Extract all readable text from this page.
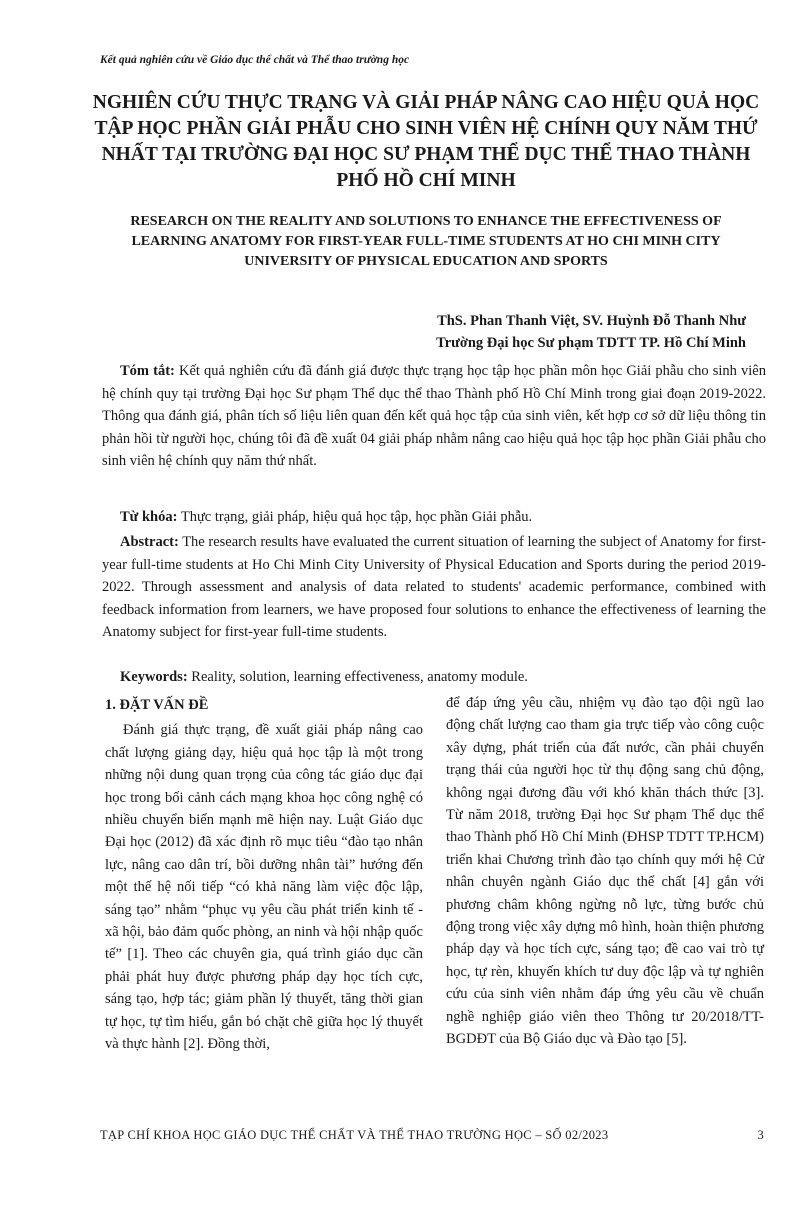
Kết quả nghiên cứu về Giáo dục thể chất và Thể thao trường học
NGHIÊN CỨU THỰC TRẠNG VÀ GIẢI PHÁP NÂNG CAO HIỆU QUẢ HỌC TẬP HỌC PHẦN GIẢI PHẪU CHO SINH VIÊN HỆ CHÍNH QUY NĂM THỨ NHẤT TẠI TRƯỜNG ĐẠI HỌC SƯ PHẠM THỂ DỤC THỂ THAO THÀNH PHỐ HỒ CHÍ MINH
RESEARCH ON THE REALITY AND SOLUTIONS TO ENHANCE THE EFFECTIVENESS OF LEARNING ANATOMY FOR FIRST-YEAR FULL-TIME STUDENTS AT HO CHI MINH CITY UNIVERSITY OF PHYSICAL EDUCATION AND SPORTS
ThS. Phan Thanh Việt, SV. Huỳnh Đỗ Thanh Như
Trường Đại học Sư phạm TDTT TP. Hồ Chí Minh
Tóm tắt: Kết quả nghiên cứu đã đánh giá được thực trạng học tập học phần môn học Giải phẫu cho sinh viên hệ chính quy tại trường Đại học Sư phạm Thể dục thể thao Thành phố Hồ Chí Minh trong giai đoạn 2019-2022. Thông qua đánh giá, phân tích số liệu liên quan đến kết quả học tập của sinh viên, kết hợp cơ sở dữ liệu thông tin phản hồi từ người học, chúng tôi đã đề xuất 04 giải pháp nhằm nâng cao hiệu quả học tập học phần Giải phẫu cho sinh viên hệ chính quy năm thứ nhất.
Từ khóa: Thực trạng, giải pháp, hiệu quả học tập, học phần Giải phẫu.
Abstract: The research results have evaluated the current situation of learning the subject of Anatomy for first-year full-time students at Ho Chi Minh City University of Physical Education and Sports during the period 2019-2022. Through assessment and analysis of data related to students' academic performance, combined with feedback information from learners, we have proposed four solutions to enhance the effectiveness of learning the Anatomy subject for first-year full-time students.
Keywords: Reality, solution, learning effectiveness, anatomy module.
1. ĐẶT VẤN ĐỀ

Đánh giá thực trạng, đề xuất giải pháp nâng cao chất lượng giảng dạy, hiệu quả học tập là một trong những nội dung quan trọng của công tác giáo dục đại học trong bối cảnh cách mạng khoa học công nghệ có nhiều chuyển biến mạnh mẽ hiện nay. Luật Giáo dục Đại học (2012) đã xác định rõ mục tiêu “đào tạo nhân lực, nâng cao dân trí, bồi dưỡng nhân tài” hướng đến một thế hệ nối tiếp “có khả năng làm việc độc lập, sáng tạo” nhằm “phục vụ yêu cầu phát triển kinh tế - xã hội, bảo đảm quốc phòng, an ninh và hội nhập quốc tế” [1]. Theo các chuyên gia, quá trình giáo dục cần phải phát huy được phương pháp dạy học tích cực, sáng tạo, hợp tác; giảm phần lý thuyết, tăng thời gian tự học, tự tìm hiểu, gắn bó chặt chẽ giữa học lý thuyết và thực hành [2]. Đồng thời,

để đáp ứng yêu cầu, nhiệm vụ đào tạo đội ngũ lao động chất lượng cao tham gia trực tiếp vào công cuộc xây dựng, phát triển của đất nước, cần phải chuyển trạng thái của người học từ thụ động sang chủ động, không ngại đương đầu với khó khăn thách thức [3]. Từ năm 2018, trường Đại học Sư phạm Thể dục thể thao Thành phố Hồ Chí Minh (ĐHSP TDTT TP.HCM) triển khai Chương trình đào tạo chính quy mới hệ Cử nhân chuyên ngành Giáo dục thể chất [4] gắn với phương châm không ngừng nỗ lực, từng bước chủ động trong việc xây dựng mô hình, hoàn thiện phương pháp dạy và học tích cực, sáng tạo; đề cao vai trò tự học, tự rèn, khuyến khích tư duy độc lập và tự nghiên cứu của sinh viên nhằm đáp ứng yêu cầu về chuẩn nghề nghiệp giáo viên theo Thông tư 20/2018/TT-BGDĐT của Bộ Giáo dục và Đào tạo [5].

TẠP CHÍ KHOA HỌC GIÁO DỤC THỂ CHẤT VÀ THỂ THAO TRƯỜNG HỌC – SỐ 02/2023	3
